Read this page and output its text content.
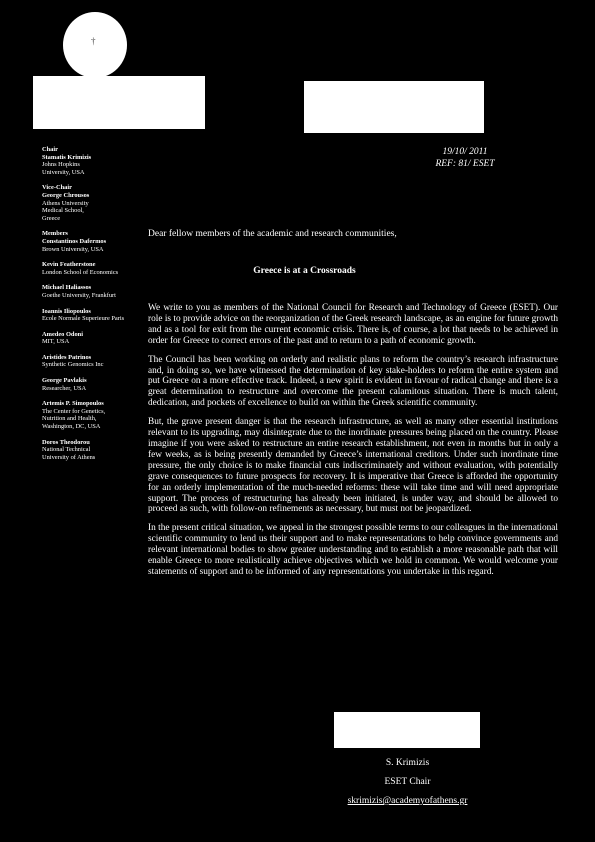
†
Chair
Stamatis Krimizis
Johns Hopkins
University, USA
Vice-Chair
George Chrousos
Athens University
Medical School,
Greece
Members
Constantinos Dafermos
Brown University, USA
Kevin Featherstone
London School of Economics
Michael Haliassos
Goethe University, Frankfurt
Ioannis Iliopoulos
Ecole Normale Superieure Paris
Amedeo Odoni
MIT, USA
Aristides Patrinos
Synthetic Genomics Inc
George Pavlakis
Researcher, USA
Artemis P. Simopoulos
The Center for Genetics,
Nutrition and Health,
Washington, DC, USA
Doros Theodorou
National Technical
University of Athens
19/10/ 2011
REF: 81/ ESET
Dear fellow members of the academic and research communities,
Greece is at a Crossroads

We write to you as members of the National Council for Research and Technology of Greece (ESET). Our role is to provide advice on the reorganization of the Greek research landscape, as an engine for future growth and as a tool for exit from the current economic crisis. There is, of course, a lot that needs to be achieved in order for Greece to correct errors of the past and to return to a path of economic growth.

The Council has been working on orderly and realistic plans to reform the country’s research infrastructure and, in doing so, we have witnessed the determination of key stake-holders to reform the entire system and put Greece on a more effective track. Indeed, a new spirit is evident in favour of radical change and there is a great determination to restructure and overcome the present calamitous situation. There is much talent, dedication, and pockets of excellence to build on within the Greek scientific community.

But, the grave present danger is that the research infrastructure, as well as many other essential institutions relevant to its upgrading, may disintegrate due to the inordinate pressures being placed on the country. Please imagine if you were asked to restructure an entire research establishment, not even in months but in only a few weeks, as is being presently demanded by Greece’s international creditors. Under such inordinate time pressure, the only choice is to make financial cuts indiscriminately and without evaluation, with potentially grave consequences to future prospects for recovery. It is imperative that Greece is afforded the opportunity for an orderly implementation of the much-needed reforms: these will take time and will need appropriate support. The process of restructuring has already been initiated, is under way, and should be allowed to proceed as such, with follow-on refinements as necessary, but must not be jeopardized.

In the present critical situation, we appeal in the strongest possible terms to our colleagues in the international scientific community to lend us their support and to make representations to help convince governments and relevant international bodies to show greater understanding and to establish a more reasonable path that will enable Greece to more realistically achieve objectives which we hold in common. We would welcome your statements of support and to be informed of any representations you undertake in this regard.

S. Krimizis
ESET Chair
skrimizis@academyofathens.gr
